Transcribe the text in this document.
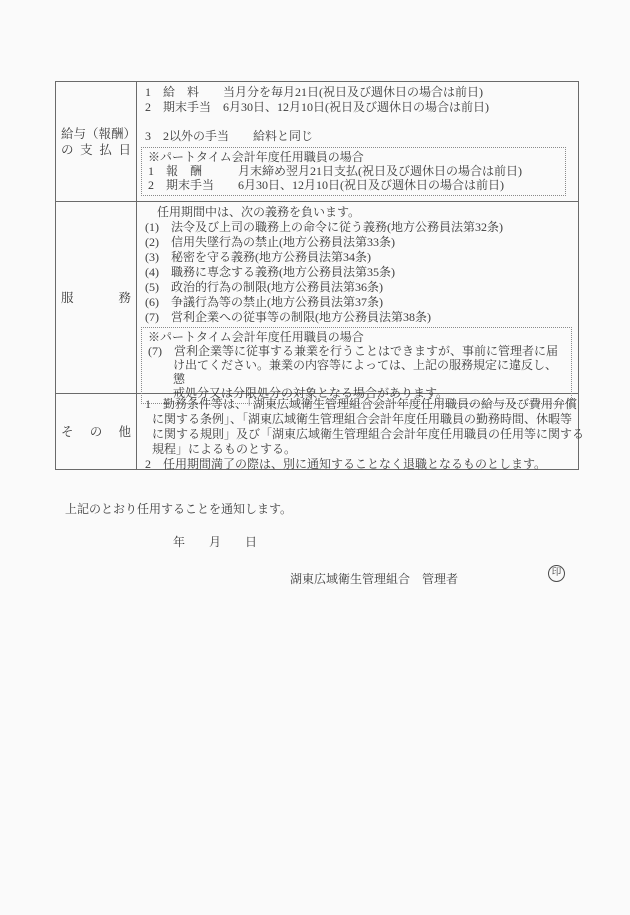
給与（報酬）
の支払日
1　給　料　　当月分を毎月21日(祝日及び週休日の場合は前日)
2　期末手当　6月30日、12月10日(祝日及び週休日の場合は前日)
3　2以外の手当　　給料と同じ
※パートタイム会計年度任用職員の場合
1　報　酬　　　月末締め翌月21日支払(祝日及び週休日の場合は前日)
2　期末手当　　6月30日、12月10日(祝日及び週休日の場合は前日)
服務
　任用期間中は、次の義務を負います。
(1)　法令及び上司の職務上の命令に従う義務(地方公務員法第32条)
(2)　信用失墜行為の禁止(地方公務員法第33条)
(3)　秘密を守る義務(地方公務員法第34条)
(4)　職務に専念する義務(地方公務員法第35条)
(5)　政治的行為の制限(地方公務員法第36条)
(6)　争議行為等の禁止(地方公務員法第37条)
(7)　営利企業への従事等の制限(地方公務員法第38条)
※パートタイム会計年度任用職員の場合
(7)　営利企業等に従事する兼業を行うことはできますが、事前に管理者に届
け出てください。兼業の内容等によっては、上記の服務規定に違反し、懲
戒処分又は分限処分の対象となる場合があります。
その他
1　勤務条件等は、「湖東広域衛生管理組合会計年度任用職員の給与及び費用弁償
に関する条例」、「湖東広域衛生管理組合会計年度任用職員の勤務時間、休暇等
に関する規則」及び「湖東広域衛生管理組合会計年度任用職員の任用等に関する
規程」によるものとする。
2　任用期間満了の際は、別に通知することなく退職となるものとします。
上記のとおり任用することを通知します。
年　　月　　日
湖東広域衛生管理組合　管理者	印
